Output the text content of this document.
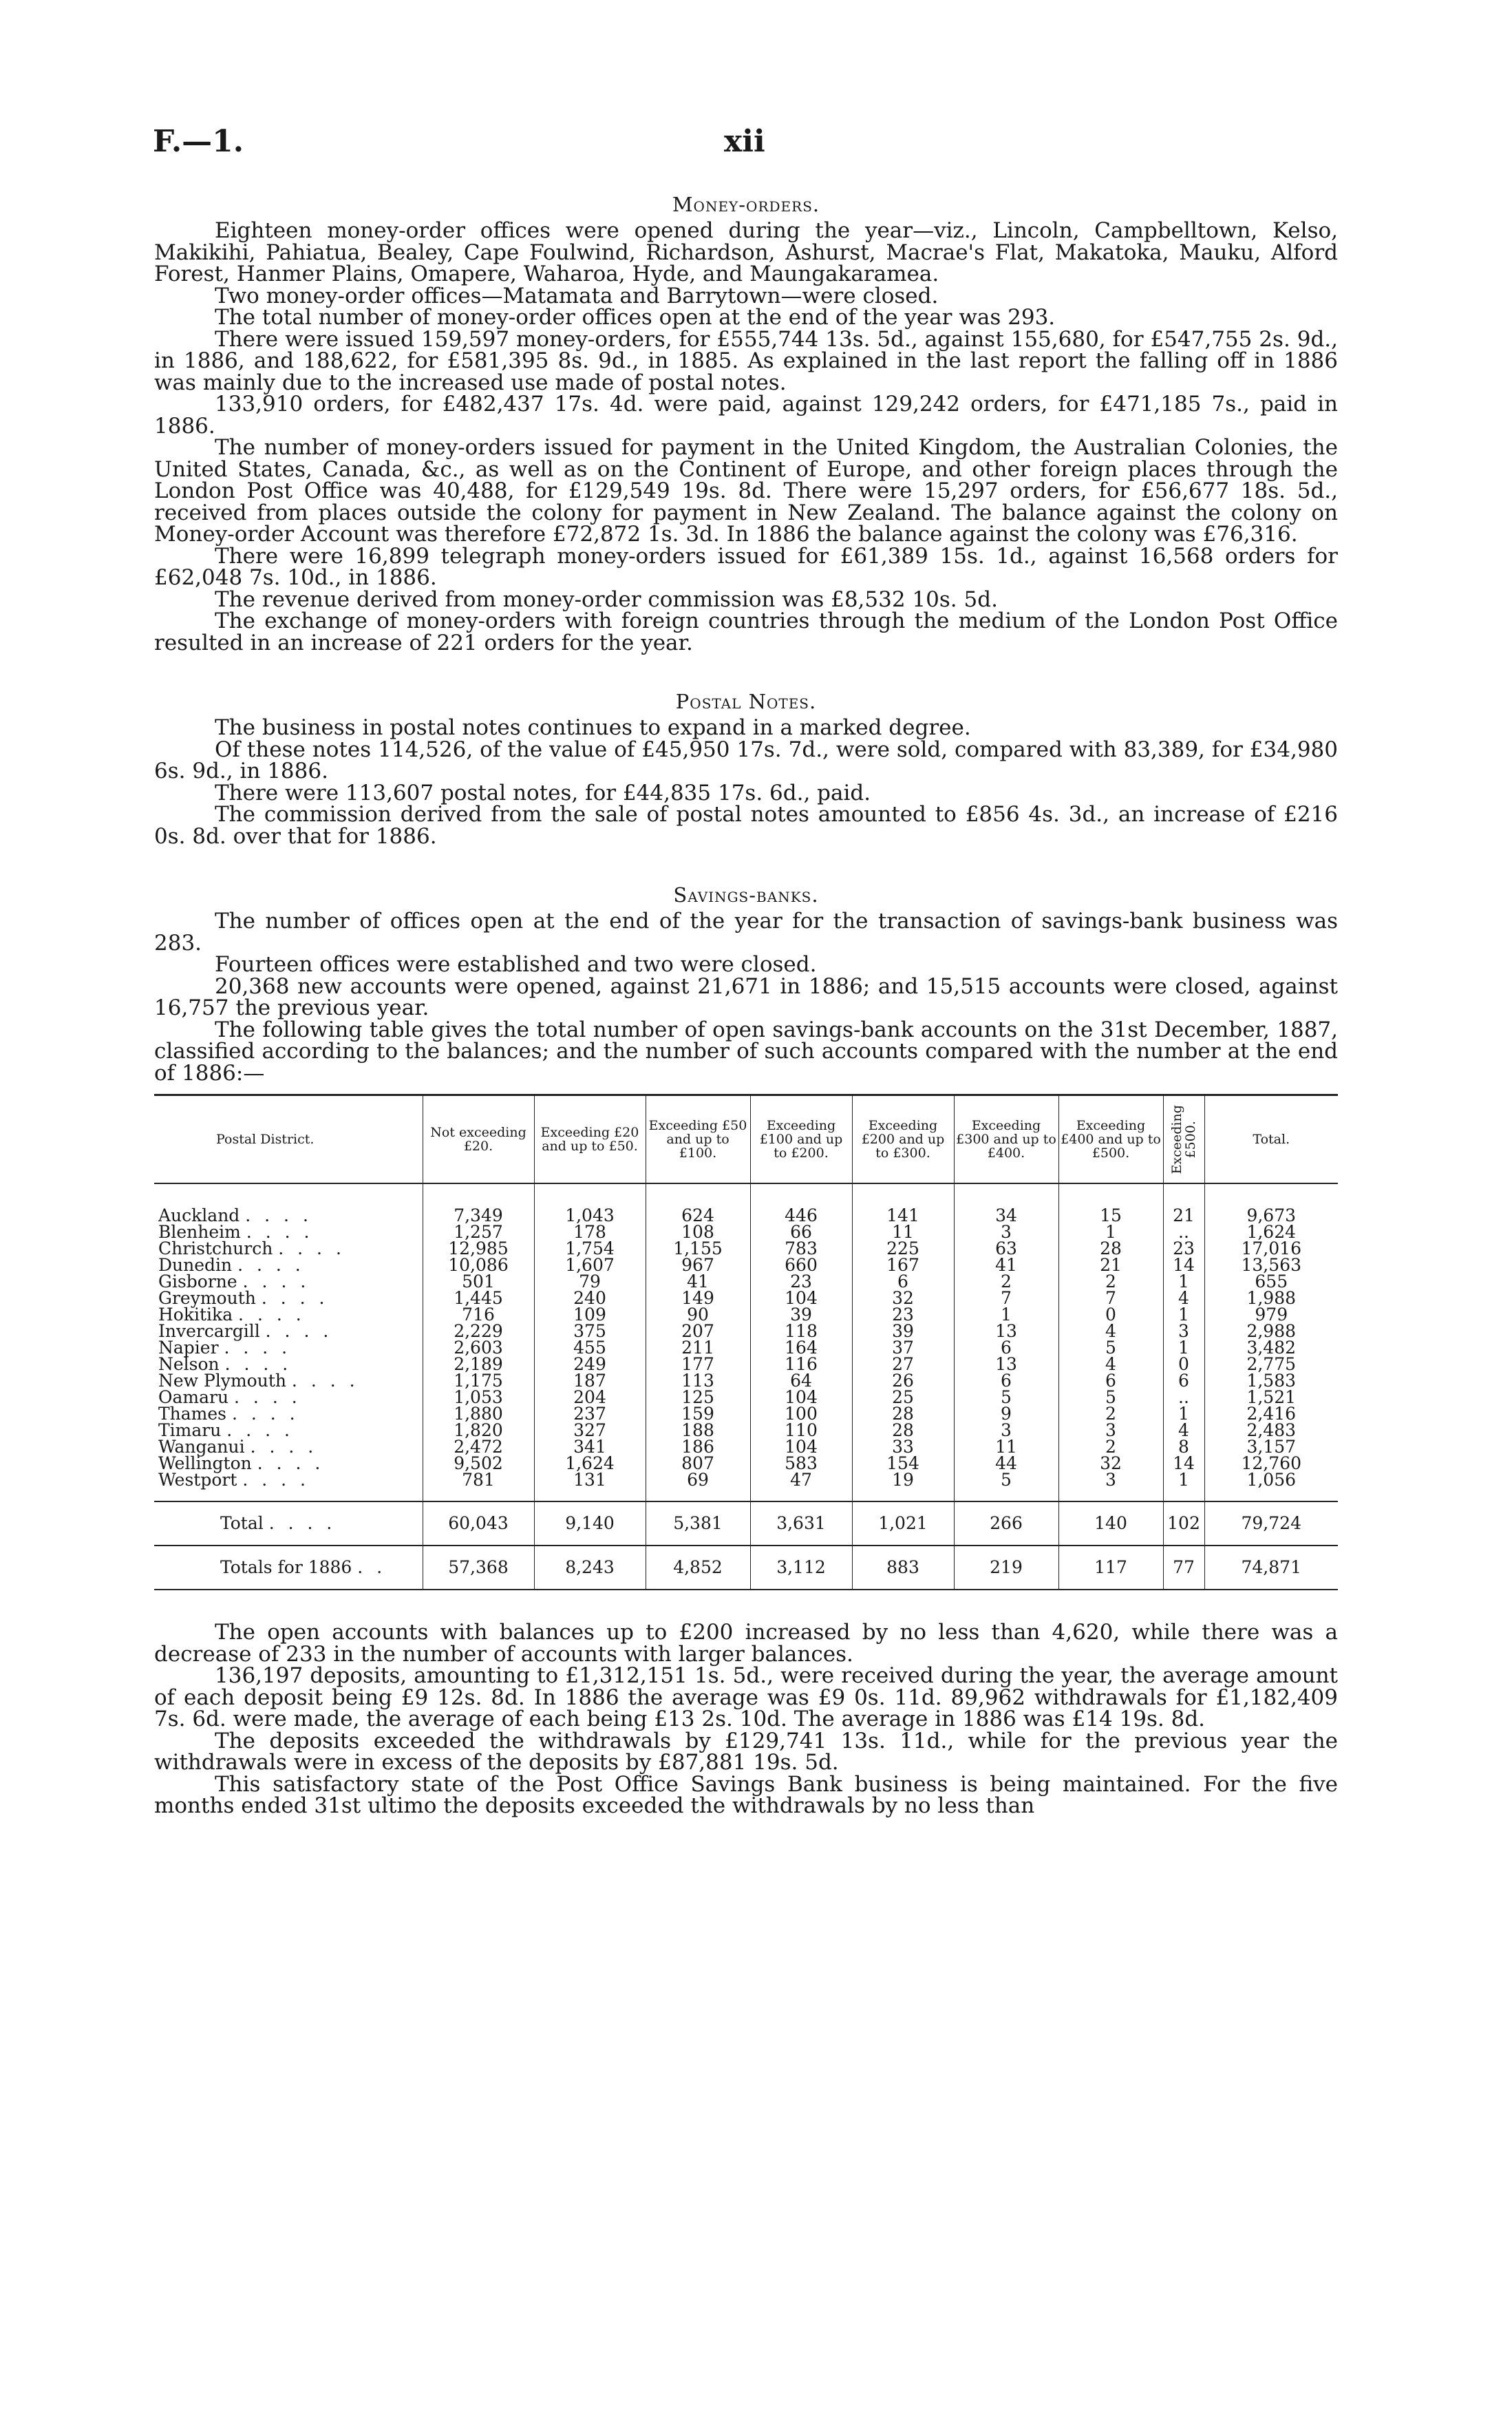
F.—1.	xii
Money-orders.

Eighteen money-order offices were opened during the year—viz., Lincoln, Campbelltown, Kelso, Makikihi, Pahiatua, Bealey, Cape Foulwind, Richardson, Ashurst, Macrae's Flat, Makatoka, Mauku, Alford Forest, Hanmer Plains, Omapere, Waharoa, Hyde, and Maungakaramea.

Two money-order offices—Matamata and Barrytown—were closed.

The total number of money-order offices open at the end of the year was 293.

There were issued 159,597 money-orders, for £555,744 13s. 5d., against 155,680, for £547,755 2s. 9d., in 1886, and 188,622, for £581,395 8s. 9d., in 1885. As explained in the last report the falling off in 1886 was mainly due to the increased use made of postal notes.

133,910 orders, for £482,437 17s. 4d. were paid, against 129,242 orders, for £471,185 7s., paid in 1886.

The number of money-orders issued for payment in the United Kingdom, the Australian Colonies, the United States, Canada, &c., as well as on the Continent of Europe, and other foreign places through the London Post Office was 40,488, for £129,549 19s. 8d. There were 15,297 orders, for £56,677 18s. 5d., received from places outside the colony for payment in New Zealand. The balance against the colony on Money-order Account was therefore £72,872 1s. 3d. In 1886 the balance against the colony was £76,316.

There were 16,899 telegraph money-orders issued for £61,389 15s. 1d., against 16,568 orders for £62,048 7s. 10d., in 1886.

The revenue derived from money-order commission was £8,532 10s. 5d.

The exchange of money-orders with foreign countries through the medium of the London Post Office resulted in an increase of 221 orders for the year.

Postal Notes.

The business in postal notes continues to expand in a marked degree.

Of these notes 114,526, of the value of £45,950 17s. 7d., were sold, compared with 83,389, for £34,980 6s. 9d., in 1886.

There were 113,607 postal notes, for £44,835 17s. 6d., paid.

The commission derived from the sale of postal notes amounted to £856 4s. 3d., an increase of £216 0s. 8d. over that for 1886.

Savings-banks.

The number of offices open at the end of the year for the transaction of savings-bank business was 283.

Fourteen offices were established and two were closed.

20,368 new accounts were opened, against 21,671 in 1886; and 15,515 accounts were closed, against 16,757 the previous year.

The following table gives the total number of open savings-bank accounts on the 31st December, 1887, classified according to the balances; and the number of such accounts compared with the number at the end of 1886:—

Postal District.	Not exceeding £20.	Exceeding £20 and up to £50.	Exceeding £50 and up to £100.	Exceeding £100 and up to £200.	Exceeding £200 and up to £300.	Exceeding £300 and up to £400.	Exceeding £400 and up to £500.	Exceeding £500.	Total.

Auckland . . . .	7,349	1,043	624	446	141	34	15	21	9,673
Blenheim . . . .	1,257	178	108	66	11	3	1	..	1,624
Christchurch . . . .	12,985	1,754	1,155	783	225	63	28	23	17,016
Dunedin . . . .	10,086	1,607	967	660	167	41	21	14	13,563
Gisborne . . . .	501	79	41	23	6	2	2	1	655
Greymouth . . . .	1,445	240	149	104	32	7	7	4	1,988
Hokitika . . . .	716	109	90	39	23	1	0	1	979
Invercargill . . . .	2,229	375	207	118	39	13	4	3	2,988
Napier . . . .	2,603	455	211	164	37	6	5	1	3,482
Nelson . . . .	2,189	249	177	116	27	13	4	0	2,775
New Plymouth . . . .	1,175	187	113	64	26	6	6	6	1,583
Oamaru . . . .	1,053	204	125	104	25	5	5	..	1,521
Thames . . . .	1,880	237	159	100	28	9	2	1	2,416
Timaru . . . .	1,820	327	188	110	28	3	3	4	2,483
Wanganui . . . .	2,472	341	186	104	33	11	2	8	3,157
Wellington . . . .	9,502	1,624	807	583	154	44	32	14	12,760
Westport . . . .	781	131	69	47	19	5	3	1	1,056

Total . . . .	60,043	9,140	5,381	3,631	1,021	266	140	102	79,724
Totals for 1886 . .	57,368	8,243	4,852	3,112	883	219	117	77	74,871

The open accounts with balances up to £200 increased by no less than 4,620, while there was a decrease of 233 in the number of accounts with larger balances.

136,197 deposits, amounting to £1,312,151 1s. 5d., were received during the year, the average amount of each deposit being £9 12s. 8d. In 1886 the average was £9 0s. 11d. 89,962 withdrawals for £1,182,409 7s. 6d. were made, the average of each being £13 2s. 10d. The average in 1886 was £14 19s. 8d.

The deposits exceeded the withdrawals by £129,741 13s. 11d., while for the previous year the withdrawals were in excess of the deposits by £87,881 19s. 5d.

This satisfactory state of the Post Office Savings Bank business is being maintained. For the five months ended 31st ultimo the deposits exceeded the withdrawals by no less than
